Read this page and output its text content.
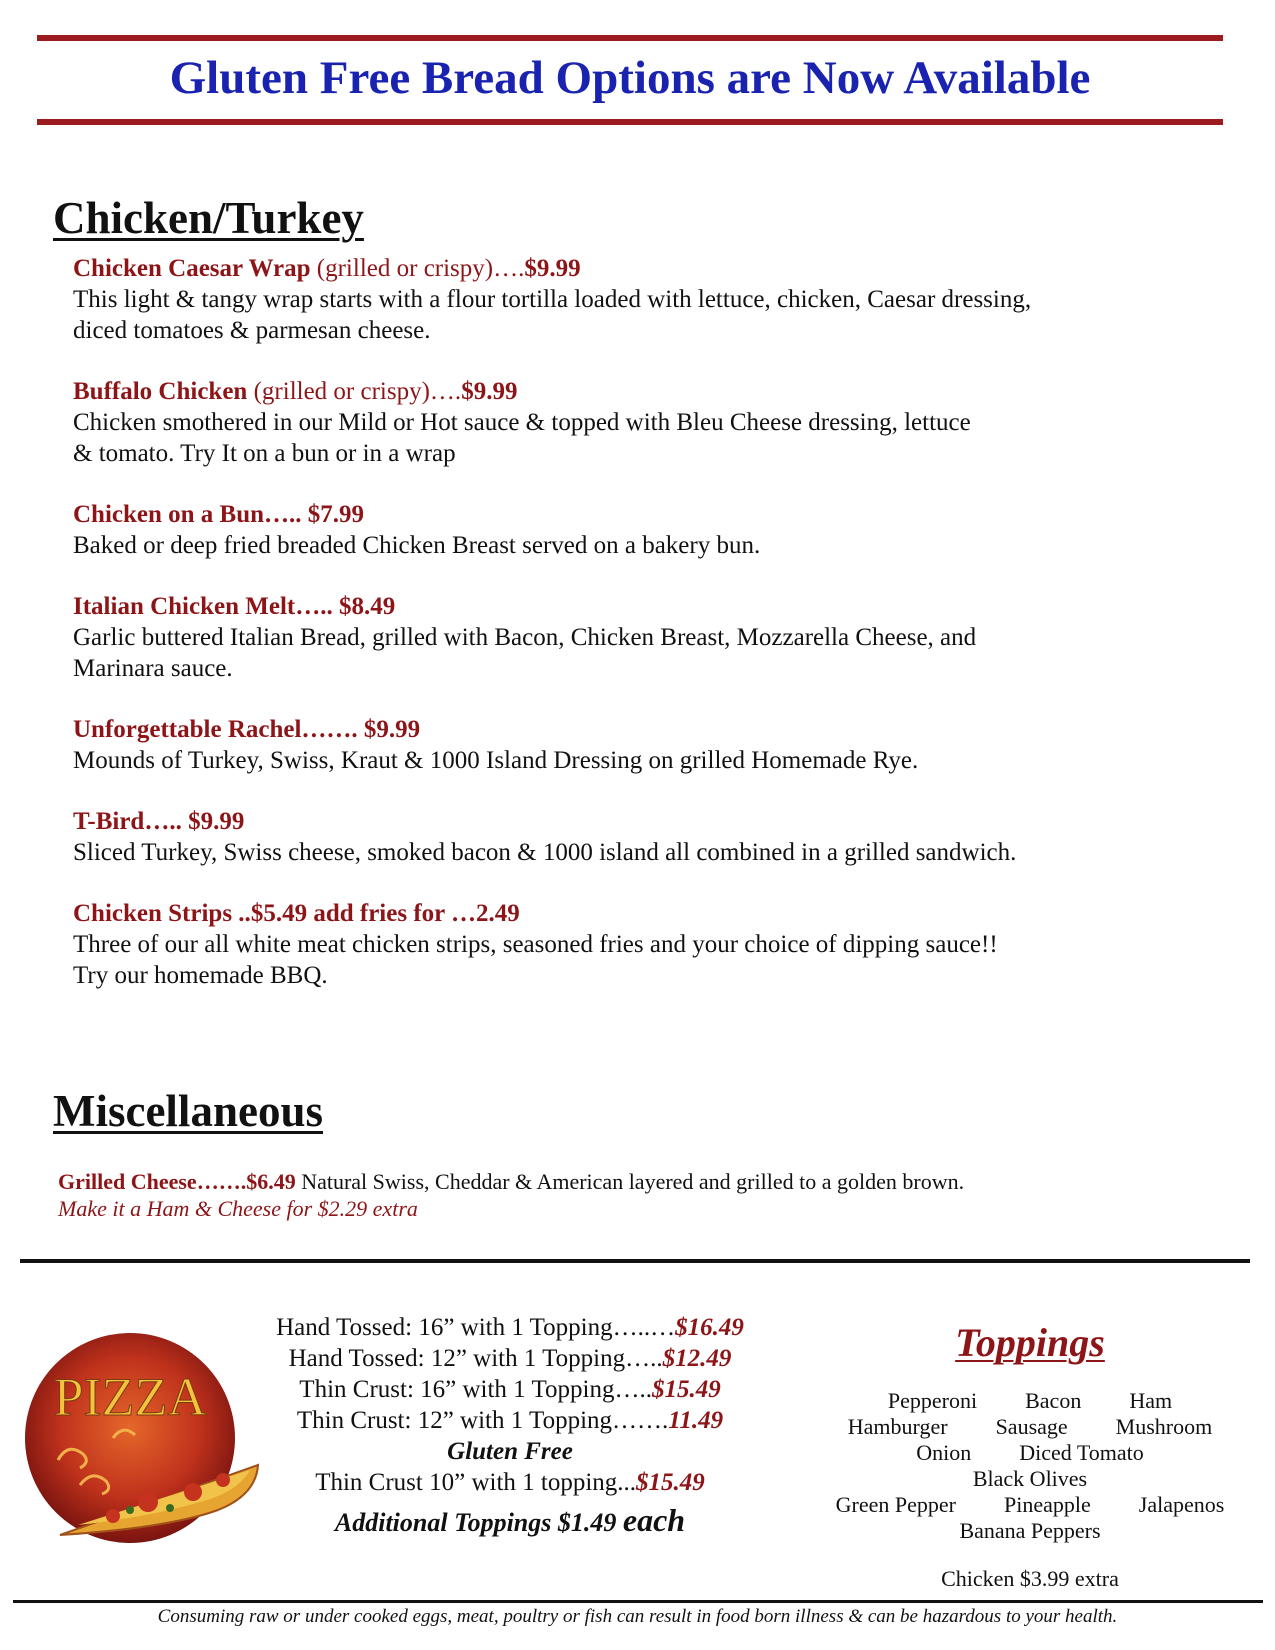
Gluten Free Bread Options are Now Available
Chicken/Turkey
Chicken Caesar Wrap (grilled or crispy)….$9.99
This light & tangy wrap starts with a flour tortilla loaded with lettuce, chicken, Caesar dressing,
diced tomatoes & parmesan cheese.
Buffalo Chicken (grilled or crispy)….$9.99
Chicken smothered in our Mild or Hot sauce & topped with Bleu Cheese dressing, lettuce
& tomato. Try It on a bun or in a wrap
Chicken on a Bun….. $7.99
Baked or deep fried breaded Chicken Breast served on a bakery bun.
Italian Chicken Melt….. $8.49
Garlic buttered Italian Bread, grilled with Bacon, Chicken Breast, Mozzarella Cheese, and
Marinara sauce.
Unforgettable Rachel……. $9.99
Mounds of Turkey, Swiss, Kraut & 1000 Island Dressing on grilled Homemade Rye.
T-Bird….. $9.99
Sliced Turkey, Swiss cheese, smoked bacon & 1000 island all combined in a grilled sandwich.
Chicken Strips ..$5.49 add fries for …2.49
Three of our all white meat chicken strips, seasoned fries and your choice of dipping sauce!!
Try our homemade BBQ.
Miscellaneous
Grilled Cheese…….$6.49 Natural Swiss, Cheddar & American layered and grilled to a golden brown.
Make it a Ham & Cheese for $2.29 extra
PIZZA
Hand Tossed: 16” with 1 Topping…..…$16.49
Hand Tossed: 12” with 1 Topping…..$12.49
Thin Crust: 16” with 1 Topping…..$15.49
Thin Crust: 12” with 1 Topping…….11.49
Gluten Free
Thin Crust 10” with 1 topping...$15.49
Additional Toppings $1.49 each
Toppings
Pepperoni Bacon Ham
Hamburger Sausage Mushroom
Onion Diced Tomato
Black Olives
Green Pepper Pineapple Jalapenos
Banana Peppers
Chicken $3.99 extra
Consuming raw or under cooked eggs, meat, poultry or fish can result in food born illness & can be hazardous to your health.
